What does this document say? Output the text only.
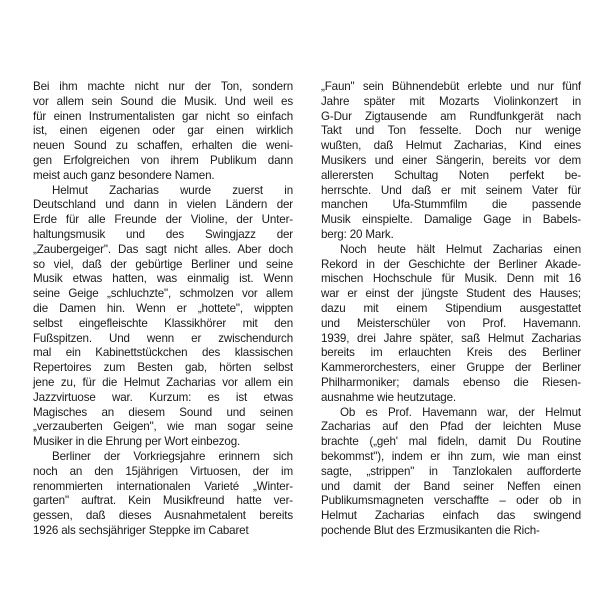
Bei ihm machte nicht nur der Ton, sondern
vor allem sein Sound die Musik. Und weil es
für einen Instrumentalisten gar nicht so einfach
ist, einen eigenen oder gar einen wirklich
neuen Sound zu schaffen, erhalten die weni-
gen Erfolgreichen von ihrem Publikum dann
meist auch ganz besondere Namen.
Helmut Zacharias wurde zuerst in
Deutschland und dann in vielen Ländern der
Erde für alle Freunde der Violine, der Unter-
haltungsmusik und des Swingjazz der
„Zaubergeiger". Das sagt nicht alles. Aber doch
so viel, daß der gebürtige Berliner und seine
Musik etwas hatten, was einmalig ist. Wenn
seine Geige „schluchzte", schmolzen vor allem
die Damen hin. Wenn er „hottete", wippten
selbst eingefleischte Klassikhörer mit den
Fußspitzen. Und wenn er zwischendurch
mal ein Kabinettstückchen des klassischen
Repertoires zum Besten gab, hörten selbst
jene zu, für die Helmut Zacharias vor allem ein
Jazzvirtuose war. Kurzum: es ist etwas
Magisches an diesem Sound und seinen
„verzauberten Geigen", wie man sogar seine
Musiker in die Ehrung per Wort einbezog.
Berliner der Vorkriegsjahre erinnern sich
noch an den 15jährigen Virtuosen, der im
renommierten internationalen Varieté „Winter-
garten" auftrat. Kein Musikfreund hatte ver-
gessen, daß dieses Ausnahmetalent bereits
1926 als sechsjähriger Steppke im Cabaret
„Faun" sein Bühnendebüt erlebte und nur fünf
Jahre später mit Mozarts Violinkonzert in
G-Dur Zigtausende am Rundfunkgerät nach
Takt und Ton fesselte. Doch nur wenige
wußten, daß Helmut Zacharias, Kind eines
Musikers und einer Sängerin, bereits vor dem
allerersten Schultag Noten perfekt be-
herrschte. Und daß er mit seinem Vater für
manchen Ufa-Stummfilm die passende
Musik einspielte. Damalige Gage in Babels-
berg: 20 Mark.
Noch heute hält Helmut Zacharias einen
Rekord in der Geschichte der Berliner Akade-
mischen Hochschule für Musik. Denn mit 16
war er einst der jüngste Student des Hauses;
dazu mit einem Stipendium ausgestattet
und Meisterschüler von Prof. Havemann.
1939, drei Jahre später, saß Helmut Zacharias
bereits im erlauchten Kreis des Berliner
Kammerorchesters, einer Gruppe der Berliner
Philharmoniker; damals ebenso die Riesen-
ausnahme wie heutzutage.
Ob es Prof. Havemann war, der Helmut
Zacharias auf den Pfad der leichten Muse
brachte („geh' mal fideln, damit Du Routine
bekommst"), indem er ihn zum, wie man einst
sagte, „strippen" in Tanzlokalen aufforderte
und damit der Band seiner Neffen einen
Publikumsmagneten verschaffte – oder ob in
Helmut Zacharias einfach das swingend
pochende Blut des Erzmusikanten die Rich-
